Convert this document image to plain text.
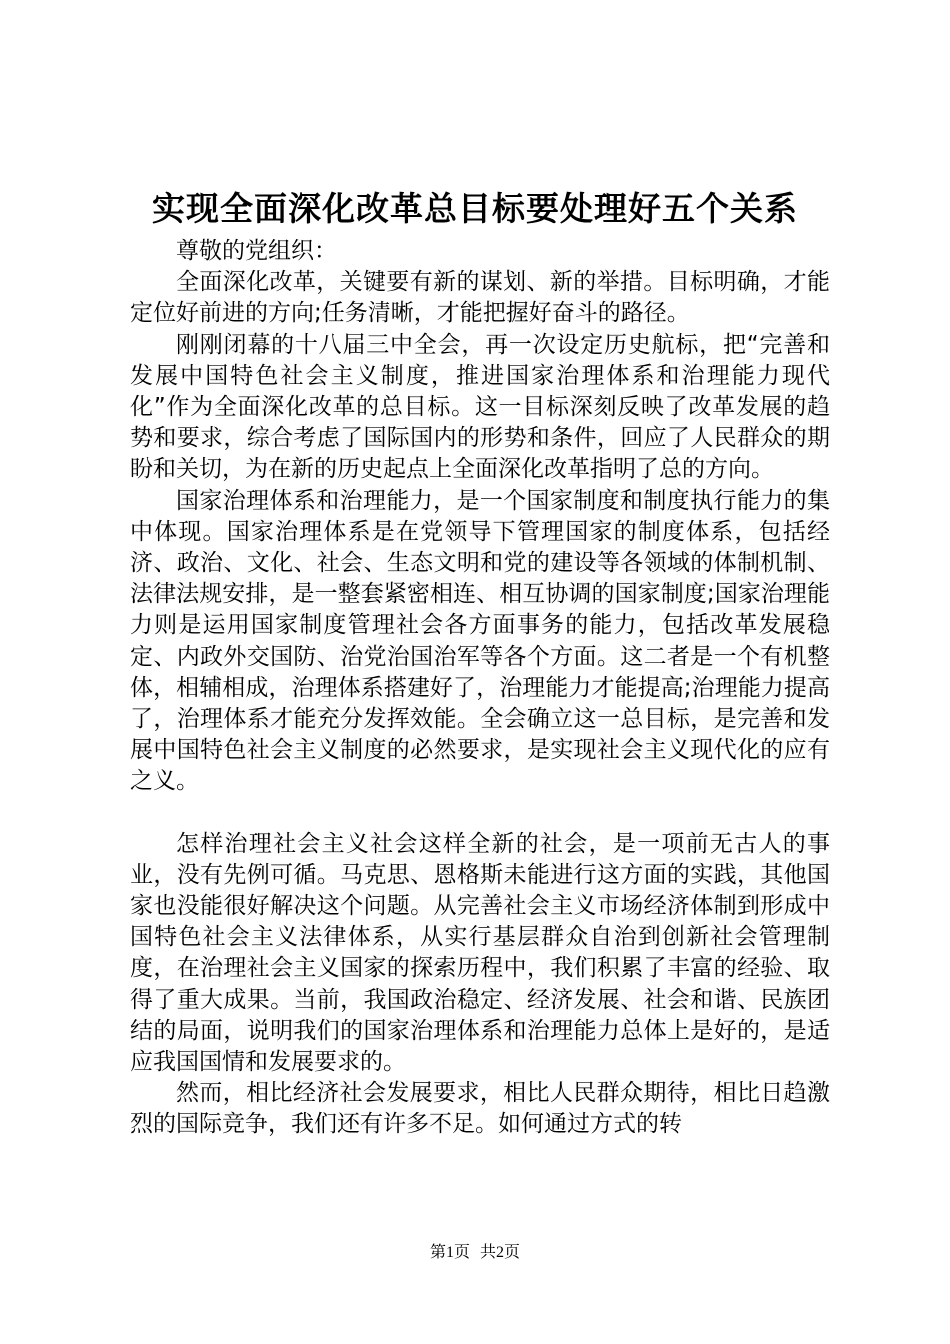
实现全面深化改革总目标要处理好五个关系

尊敬的党组织：

全面深化改革，关键要有新的谋划、新的举措。目标明确，才能定位好前进的方向;任务清晰，才能把握好奋斗的路径。

刚刚闭幕的十八届三中全会，再一次设定历史航标，把“完善和发展中国特色社会主义制度，推进国家治理体系和治理能力现代化”作为全面深化改革的总目标。这一目标深刻反映了改革发展的趋势和要求，综合考虑了国际国内的形势和条件，回应了人民群众的期盼和关切，为在新的历史起点上全面深化改革指明了总的方向。

国家治理体系和治理能力，是一个国家制度和制度执行能力的集中体现。国家治理体系是在党领导下管理国家的制度体系，包括经济、政治、文化、社会、生态文明和党的建设等各领域的体制机制、法律法规安排，是一整套紧密相连、相互协调的国家制度;国家治理能力则是运用国家制度管理社会各方面事务的能力，包括改革发展稳定、内政外交国防、治党治国治军等各个方面。这二者是一个有机整体，相辅相成，治理体系搭建好了，治理能力才能提高;治理能力提高了，治理体系才能充分发挥效能。全会确立这一总目标，是完善和发展中国特色社会主义制度的必然要求，是实现社会主义现代化的应有之义。

怎样治理社会主义社会这样全新的社会，是一项前无古人的事业，没有先例可循。马克思、恩格斯未能进行这方面的实践，其他国家也没能很好解决这个问题。从完善社会主义市场经济体制到形成中国特色社会主义法律体系，从实行基层群众自治到创新社会管理制度，在治理社会主义国家的探索历程中，我们积累了丰富的经验、取得了重大成果。当前，我国政治稳定、经济发展、社会和谐、民族团结的局面，说明我们的国家治理体系和治理能力总体上是好的，是适应我国国情和发展要求的。

然而，相比经济社会发展要求，相比人民群众期待，相比日趋激烈的国际竞争，我们还有许多不足。如何通过方式的转

第1页 共2页
